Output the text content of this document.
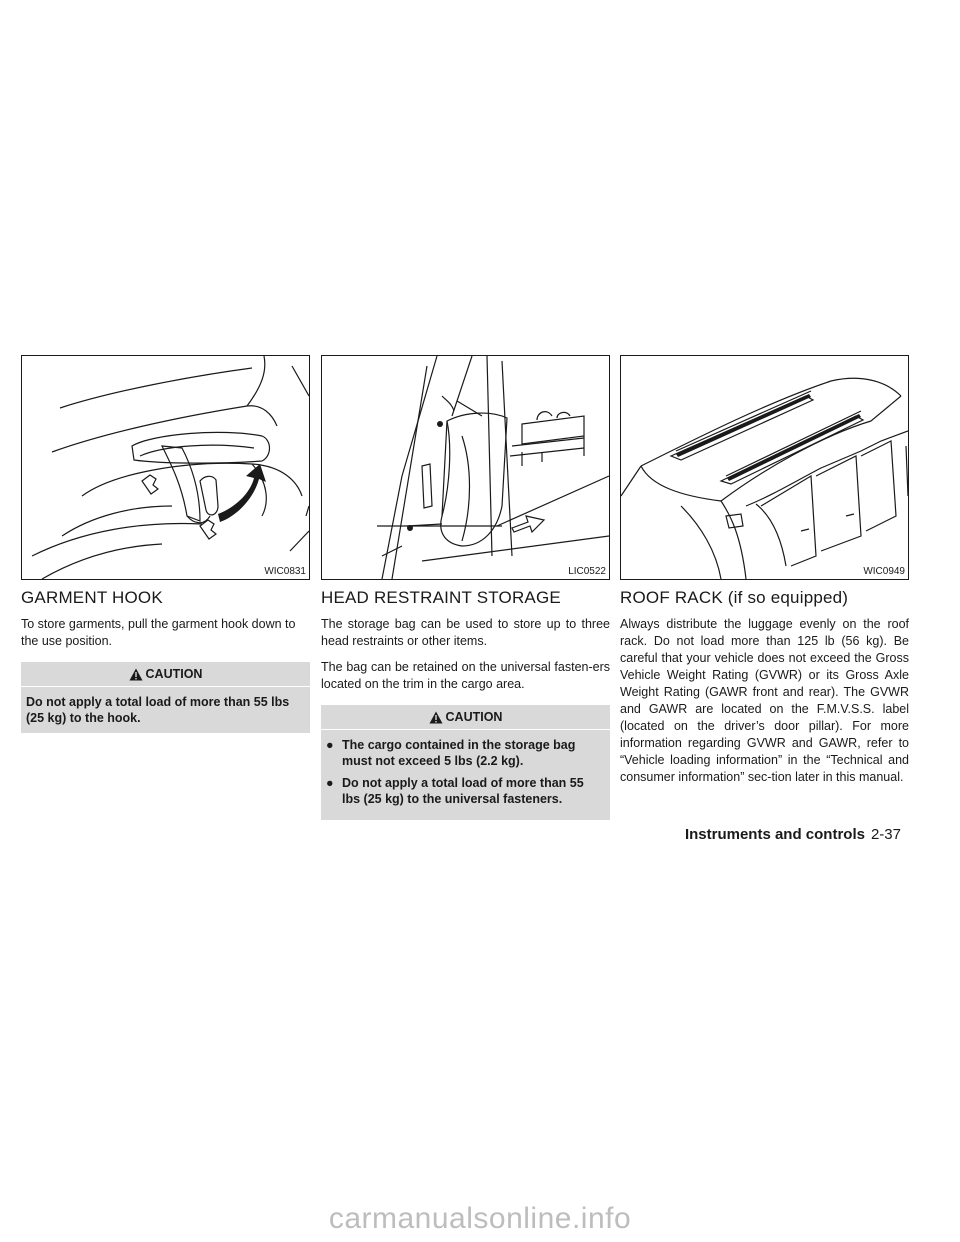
WIC0831
GARMENT HOOK

To store garments, pull the garment hook down to the use position.

CAUTION
Do not apply a total load of more than 55 lbs (25 kg) to the hook.
LIC0522
HEAD RESTRAINT STORAGE

The storage bag can be used to store up to three head restraints or other items.

The bag can be retained on the universal fasten-ers located on the trim in the cargo area.

CAUTION
● The cargo contained in the storage bag must not exceed 5 lbs (2.2 kg).
● Do not apply a total load of more than 55 lbs (25 kg) to the universal fasteners.
WIC0949
ROOF RACK (if so equipped)

Always distribute the luggage evenly on the roof rack. Do not load more than 125 lb (56 kg). Be careful that your vehicle does not exceed the Gross Vehicle Weight Rating (GVWR) or its Gross Axle Weight Rating (GAWR front and rear). The GVWR and GAWR are located on the F.M.V.S.S. label (located on the driver’s door pillar). For more information regarding GVWR and GAWR, refer to “Vehicle loading information” in the “Technical and consumer information” sec-tion later in this manual.

Instruments and controls 2-37
carmanualsonline.info
